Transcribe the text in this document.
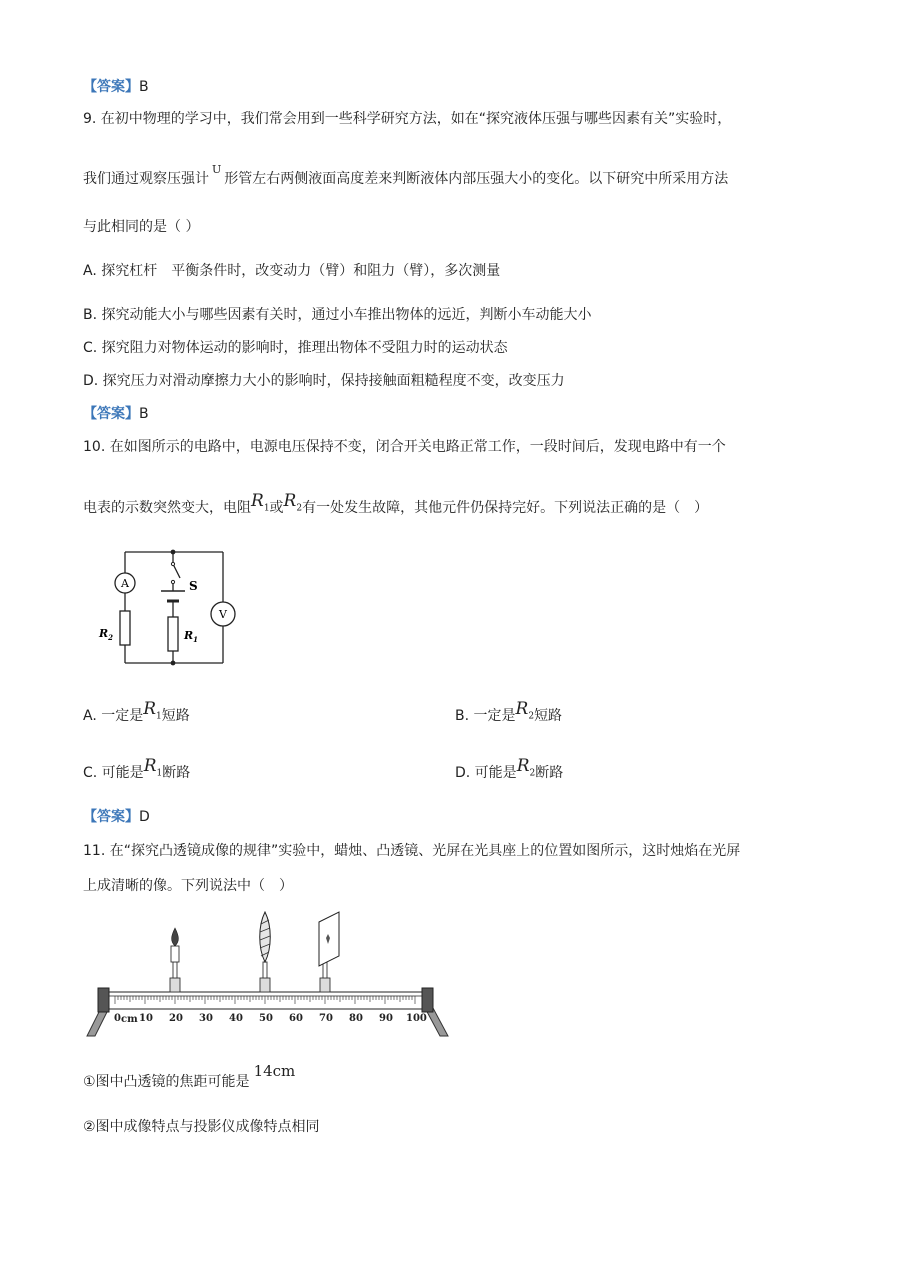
【答案】B
9. 在初中物理的学习中，我们常会用到一些科学研究方法，如在“探究液体压强与哪些因素有关”实验时，
我们通过观察压强计$^U$形管左右两侧液面高度差来判断液体内部压强大小的变化。以下研究中所采用方法
与此相同的是（ ）
A. 探究杠杆　平衡条件时，改变动力（臂）和阻力（臂），多次测量
B. 探究动能大小与哪些因素有关时，通过小车推出物体的远近，判断小车动能大小
C. 探究阻力对物体运动的影响时，推理出物体不受阻力时的运动状态
D. 探究压力对滑动摩擦力大小的影响时，保持接触面粗糙程度不变，改变压力
【答案】B
10. 在如图所示的电路中，电源电压保持不变，闭合开关电路正常工作，一段时间后，发现电路中有一个
电表的示数突然变大，电阻$R_1$或$R_2$有一处发生故障，其他元件仍保持完好。下列说法正确的是（　）
A
$R_2$
S
$R_1$
V
A. 一定是$R_1$短路	B. 一定是$R_2$短路
C. 可能是$R_1$断路	D. 可能是$R_2$断路
【答案】D
11. 在“探究凸透镜成像的规律”实验中，蜡烛、凸透镜、光屏在光具座上的位置如图所示，这时烛焰在光屏
上成清晰的像。下列说法中（　）
0 cm 10 20 30 40 50 60 70 80 90 100
①图中凸透镜的焦距可能是14cm
②图中成像特点与投影仪成像特点相同
